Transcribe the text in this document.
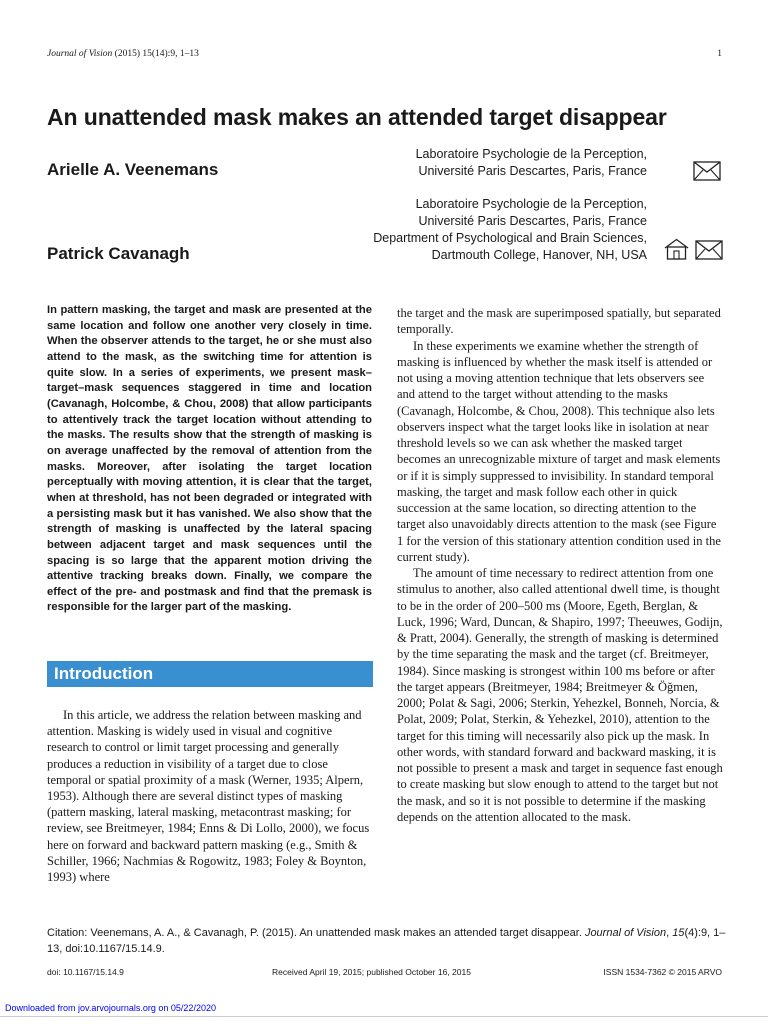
Journal of Vision (2015) 15(14):9, 1–13	1
An unattended mask makes an attended target disappear
Arielle A. Veenemans
Laboratoire Psychologie de la Perception,
Université Paris Descartes, Paris, France
Patrick Cavanagh
Laboratoire Psychologie de la Perception,
Université Paris Descartes, Paris, France
Department of Psychological and Brain Sciences,
Dartmouth College, Hanover, NH, USA

In pattern masking, the target and mask are presented at the same location and follow one another very closely in time. When the observer attends to the target, he or she must also attend to the mask, as the switching time for attention is quite slow. In a series of experiments, we present mask–target–mask sequences staggered in time and location (Cavanagh, Holcombe, & Chou, 2008) that allow participants to attentively track the target location without attending to the masks. The results show that the strength of masking is on average unaffected by the removal of attention from the masks. Moreover, after isolating the target location perceptually with moving attention, it is clear that the target, when at threshold, has not been degraded or integrated with a persisting mask but it has vanished. We also show that the strength of masking is unaffected by the lateral spacing between adjacent target and mask sequences until the spacing is so large that the apparent motion driving the attentive tracking breaks down. Finally, we compare the effect of the pre- and postmask and find that the premask is responsible for the larger part of the masking.

Introduction

In this article, we address the relation between masking and attention. Masking is widely used in visual and cognitive research to control or limit target processing and generally produces a reduction in visibility of a target due to close temporal or spatial proximity of a mask (Werner, 1935; Alpern, 1953). Although there are several distinct types of masking (pattern masking, lateral masking, metacontrast masking; for review, see Breitmeyer, 1984; Enns & Di Lollo, 2000), we focus here on forward and backward pattern masking (e.g., Smith & Schiller, 1966; Nachmias & Rogowitz, 1983; Foley & Boynton, 1993) where

the target and the mask are superimposed spatially, but separated temporally.

In these experiments we examine whether the strength of masking is influenced by whether the mask itself is attended or not using a moving attention technique that lets observers see and attend to the target without attending to the masks (Cavanagh, Holcombe, & Chou, 2008). This technique also lets observers inspect what the target looks like in isolation at near threshold levels so we can ask whether the masked target becomes an unrecognizable mixture of target and mask elements or if it is simply suppressed to invisibility. In standard temporal masking, the target and mask follow each other in quick succession at the same location, so directing attention to the target also unavoidably directs attention to the mask (see Figure 1 for the version of this stationary attention condition used in the current study).

The amount of time necessary to redirect attention from one stimulus to another, also called attentional dwell time, is thought to be in the order of 200–500 ms (Moore, Egeth, Berglan, & Luck, 1996; Ward, Duncan, & Shapiro, 1997; Theeuwes, Godijn, & Pratt, 2004). Generally, the strength of masking is determined by the time separating the mask and the target (cf. Breitmeyer, 1984). Since masking is strongest within 100 ms before or after the target appears (Breitmeyer, 1984; Breitmeyer & Öğmen, 2000; Polat & Sagi, 2006; Sterkin, Yehezkel, Bonneh, Norcia, & Polat, 2009; Polat, Sterkin, & Yehezkel, 2010), attention to the target for this timing will necessarily also pick up the mask. In other words, with standard forward and backward masking, it is not possible to present a mask and target in sequence fast enough to create masking but slow enough to attend to the target but not the mask, and so it is not possible to determine if the masking depends on the attention allocated to the mask.

Citation: Veenemans, A. A., & Cavanagh, P. (2015). An unattended mask makes an attended target disappear. Journal of Vision, 15(4):9, 1–13, doi:10.1167/15.14.9.

doi: 10.1167/15.14.9	Received April 19, 2015; published October 16, 2015	ISSN 1534-7362 © 2015 ARVO
Downloaded from jov.arvojournals.org on 05/22/2020
